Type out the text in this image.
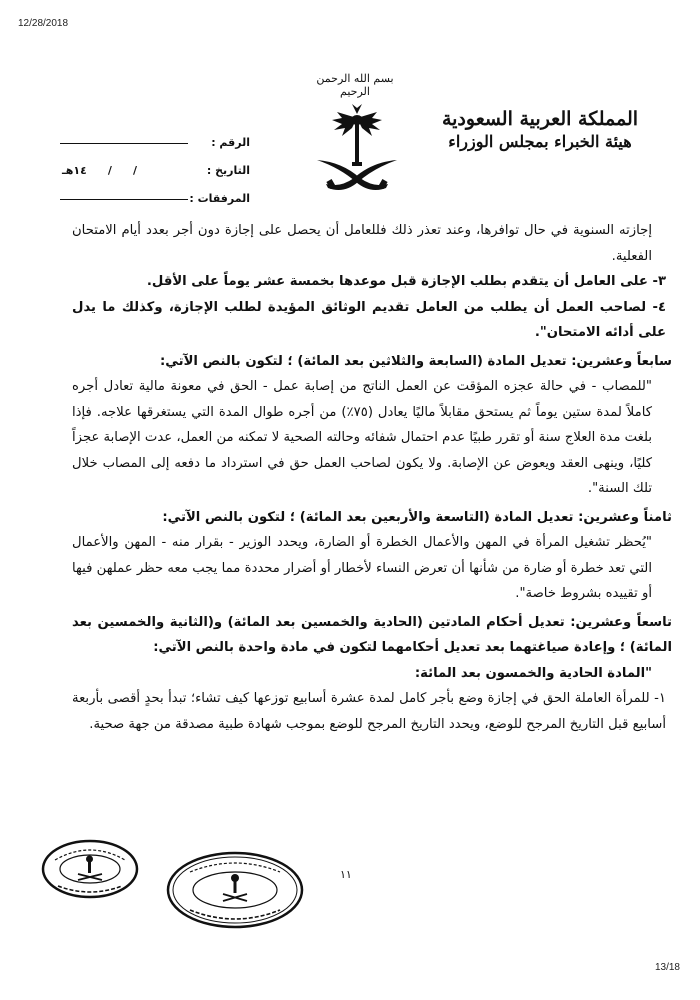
12/28/2018
بسم الله الرحمن الرحيم
المملكة العربية السعودية
هيئة الخبراء بمجلس الوزراء
الرقم :
التاريخ :
/
/
١٤هـ
المرفقات :

إجازته السنوية في حال توافرها، وعند تعذر ذلك فللعامل أن يحصل على إجازة دون أجر بعدد أيام الامتحان الفعلية.

٣- على العامل أن يتقدم بطلب الإجازة قبل موعدها بخمسة عشر يوماً على الأقل.

٤- لصاحب العمل أن يطلب من العامل تقديم الوثائق المؤيدة لطلب الإجازة، وكذلك ما يدل على أدائه الامتحان".

سابعاً وعشرين: تعديل المادة (السابعة والثلاثين بعد المائة) ؛ لتكون بالنص الآتي:

"للمصاب - في حالة عجزه المؤقت عن العمل الناتج من إصابة عمل - الحق في معونة مالية تعادل أجره كاملاً لمدة ستين يوماً ثم يستحق مقابلاً ماليًا يعادل (٧٥٪) من أجره طوال المدة التي يستغرقها علاجه. فإذا بلغت مدة العلاج سنة أو تقرر طبيًا عدم احتمال شفائه وحالته الصحية لا تمكنه من العمل، عدت الإصابة عجزاً كليًا، وينهى العقد ويعوض عن الإصابة. ولا يكون لصاحب العمل حق في استرداد ما دفعه إلى المصاب خلال تلك السنة".

ثامناً وعشرين: تعديل المادة (التاسعة والأربعين بعد المائة) ؛ لتكون بالنص الآتي:

"يُحظر تشغيل المرأة في المهن والأعمال الخطرة أو الضارة، ويحدد الوزير - بقرار منه - المهن والأعمال التي تعد خطرة أو ضارة من شأنها أن تعرض النساء لأخطار أو أضرار محددة مما يجب معه حظر عملهن فيها أو تقييده بشروط خاصة".

تاسعاً وعشرين: تعديل أحكام المادتين (الحادية والخمسين بعد المائة) و(الثانية والخمسين بعد المائة) ؛ وإعادة صياغتهما بعد تعديل أحكامهما لتكون في مادة واحدة بالنص الآتي:

"المادة الحادية والخمسون بعد المائة:

١- للمرأة العاملة الحق في إجازة وضع بأجر كامل لمدة عشرة أسابيع توزعها كيف تشاء؛ تبدأ بحدٍ أقصى بأربعة أسابيع قبل التاريخ المرجح للوضع، ويحدد التاريخ المرجح للوضع بموجب شهادة طبية مصدقة من جهة صحية.

١١
13/18
